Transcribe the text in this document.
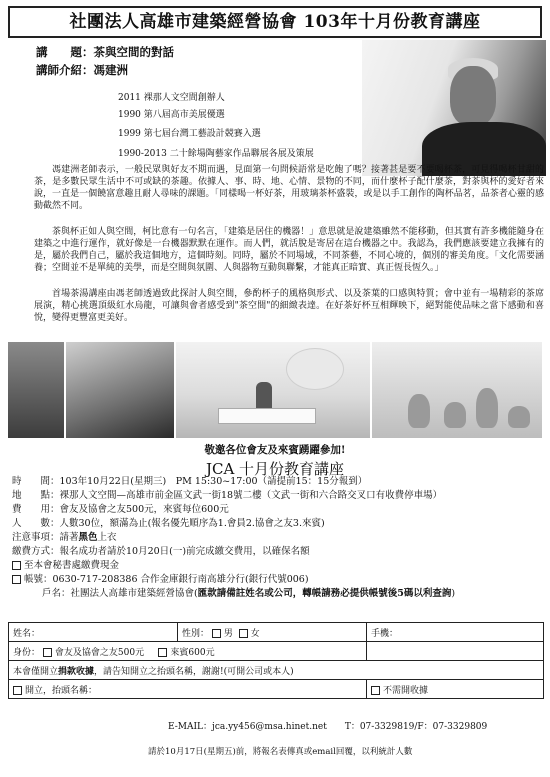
社團法人高雄市建築經營協會 103年十月份教育講座
講　　題：茶與空間的對話
講師介紹：馮建洲
2011 裸那人文空間創辦人
1990 第八屆高市美展優選
1999 第七屆台灣工藝設計競賽入選
1990-2013 二十餘場陶藝家作品聯展各展及策展
馮建洲老師表示，一般民眾與好友不期而遇，見面第一句問候語常是吃飽了嗎？接著甚是要不要喝杯茶，可見得喝杯甘甜的茶，是多數民眾生活中不可或缺的茶趣。依據人、事、時、地、心情、景物的不同，而什麼杯子配什麼茶，對茶與杯的愛好者來說，一直是一個饒富意趣且耐人尋味的課題。「同樣喝一杯好茶，用玻璃茶杯盛裝，或是以手工創作的陶杯品茗，品茶者心靈的感動截然不同。
茶與杯正如人與空間，柯比意有一句名言，「建築是居住的機器！」意思就是說建築雖然不能移動，但其實有許多機能隨身在建築之中進行運作，就好像是一台機器默默在運作。而人們，就活脫是寄居在這台機器之中。我認為，我們應該要建立我擁有的是，屬於我們自己，屬於我這個地方，這個時刻。同時，屬於不同場域，不同茶藝，不同心境的，個別的審美角度。「文化需要涵養；空間並不是單純的美學，而是空間與氛圍、人與器物互動與聯繫，才能真正暗實、真正恆長恆久。」
首場茶湯講座由馮老師透過致此探討人與空間，參酌杯子的風格與形式、以及茶葉的口感與特質；會中並有一場精彩的茶席展演，精心挑選頂級紅水烏龍，可讓與會者感受到"茶空間"的細緻表達。在好茶好杯互相輝映下，絕對能使品味之當下感動和喜悅，變得更豐富更美好。
敬邀各位會友及來賓踴躍參加!
JCA 十月份教育講座
時　　間：103年10月22日(星期三)　PM 15:30~17:00（請提前15：15分報到）
地　　點：裸那人文空間—高雄市前金區文武一街18號二樓（文武一街和六合路交叉口有收費停車場）
費　　用：會友及協會之友500元，來賓每位600元
人　　數：人數30位，額滿為止(報名優先順序為1.會員2.協會之友3.來賓)
注意事項：請著黑色上衣
繳費方式：報名成功者請於10月20日(一)前完成繳交費用，以確保名額
至本會秘書處繳費現金
帳號：0630-717-208386 合作金庫銀行南高雄分行(銀行代號006)
戶名：社團法人高雄市建築經營協會(匯款請備註姓名或公司，轉帳請務必提供帳號後5碼以利查詢)
姓名：	性別： 男 女	手機：
身份： 會友及協會之友500元 來賓600元		
本會僅開立捐款收據，請告知開立之抬頭名稱，謝謝!(可開公司或本人)		
開立，抬頭名稱：		不需開收據
E-MAIL：jca.yy456@msa.hinet.net　　T：07-3329819/F：07-3329809
請於10月17日(星期五)前，將報名表傳真或email回覆，以利統計人數
